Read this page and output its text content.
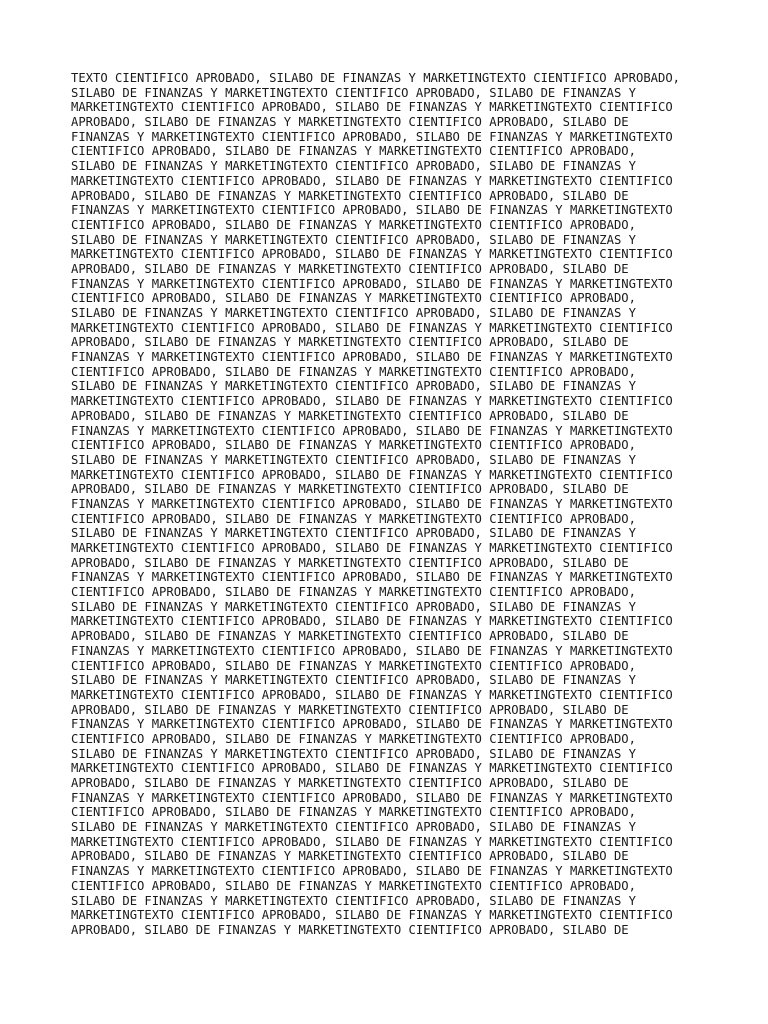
TEXTO CIENTIFICO APROBADO, SILABO DE FINANZAS Y MARKETINGTEXTO CIENTIFICO APROBADO,
SILABO DE FINANZAS Y MARKETINGTEXTO CIENTIFICO APROBADO, SILABO DE FINANZAS Y
MARKETINGTEXTO CIENTIFICO APROBADO, SILABO DE FINANZAS Y MARKETINGTEXTO CIENTIFICO
APROBADO, SILABO DE FINANZAS Y MARKETINGTEXTO CIENTIFICO APROBADO, SILABO DE
FINANZAS Y MARKETINGTEXTO CIENTIFICO APROBADO, SILABO DE FINANZAS Y MARKETINGTEXTO
CIENTIFICO APROBADO, SILABO DE FINANZAS Y MARKETINGTEXTO CIENTIFICO APROBADO,
SILABO DE FINANZAS Y MARKETINGTEXTO CIENTIFICO APROBADO, SILABO DE FINANZAS Y
MARKETINGTEXTO CIENTIFICO APROBADO, SILABO DE FINANZAS Y MARKETINGTEXTO CIENTIFICO
APROBADO, SILABO DE FINANZAS Y MARKETINGTEXTO CIENTIFICO APROBADO, SILABO DE
FINANZAS Y MARKETINGTEXTO CIENTIFICO APROBADO, SILABO DE FINANZAS Y MARKETINGTEXTO
CIENTIFICO APROBADO, SILABO DE FINANZAS Y MARKETINGTEXTO CIENTIFICO APROBADO,
SILABO DE FINANZAS Y MARKETINGTEXTO CIENTIFICO APROBADO, SILABO DE FINANZAS Y
MARKETINGTEXTO CIENTIFICO APROBADO, SILABO DE FINANZAS Y MARKETINGTEXTO CIENTIFICO
APROBADO, SILABO DE FINANZAS Y MARKETINGTEXTO CIENTIFICO APROBADO, SILABO DE
FINANZAS Y MARKETINGTEXTO CIENTIFICO APROBADO, SILABO DE FINANZAS Y MARKETINGTEXTO
CIENTIFICO APROBADO, SILABO DE FINANZAS Y MARKETINGTEXTO CIENTIFICO APROBADO,
SILABO DE FINANZAS Y MARKETINGTEXTO CIENTIFICO APROBADO, SILABO DE FINANZAS Y
MARKETINGTEXTO CIENTIFICO APROBADO, SILABO DE FINANZAS Y MARKETINGTEXTO CIENTIFICO
APROBADO, SILABO DE FINANZAS Y MARKETINGTEXTO CIENTIFICO APROBADO, SILABO DE
FINANZAS Y MARKETINGTEXTO CIENTIFICO APROBADO, SILABO DE FINANZAS Y MARKETINGTEXTO
CIENTIFICO APROBADO, SILABO DE FINANZAS Y MARKETINGTEXTO CIENTIFICO APROBADO,
SILABO DE FINANZAS Y MARKETINGTEXTO CIENTIFICO APROBADO, SILABO DE FINANZAS Y
MARKETINGTEXTO CIENTIFICO APROBADO, SILABO DE FINANZAS Y MARKETINGTEXTO CIENTIFICO
APROBADO, SILABO DE FINANZAS Y MARKETINGTEXTO CIENTIFICO APROBADO, SILABO DE
FINANZAS Y MARKETINGTEXTO CIENTIFICO APROBADO, SILABO DE FINANZAS Y MARKETINGTEXTO
CIENTIFICO APROBADO, SILABO DE FINANZAS Y MARKETINGTEXTO CIENTIFICO APROBADO,
SILABO DE FINANZAS Y MARKETINGTEXTO CIENTIFICO APROBADO, SILABO DE FINANZAS Y
MARKETINGTEXTO CIENTIFICO APROBADO, SILABO DE FINANZAS Y MARKETINGTEXTO CIENTIFICO
APROBADO, SILABO DE FINANZAS Y MARKETINGTEXTO CIENTIFICO APROBADO, SILABO DE
FINANZAS Y MARKETINGTEXTO CIENTIFICO APROBADO, SILABO DE FINANZAS Y MARKETINGTEXTO
CIENTIFICO APROBADO, SILABO DE FINANZAS Y MARKETINGTEXTO CIENTIFICO APROBADO,
SILABO DE FINANZAS Y MARKETINGTEXTO CIENTIFICO APROBADO, SILABO DE FINANZAS Y
MARKETINGTEXTO CIENTIFICO APROBADO, SILABO DE FINANZAS Y MARKETINGTEXTO CIENTIFICO
APROBADO, SILABO DE FINANZAS Y MARKETINGTEXTO CIENTIFICO APROBADO, SILABO DE
FINANZAS Y MARKETINGTEXTO CIENTIFICO APROBADO, SILABO DE FINANZAS Y MARKETINGTEXTO
CIENTIFICO APROBADO, SILABO DE FINANZAS Y MARKETINGTEXTO CIENTIFICO APROBADO,
SILABO DE FINANZAS Y MARKETINGTEXTO CIENTIFICO APROBADO, SILABO DE FINANZAS Y
MARKETINGTEXTO CIENTIFICO APROBADO, SILABO DE FINANZAS Y MARKETINGTEXTO CIENTIFICO
APROBADO, SILABO DE FINANZAS Y MARKETINGTEXTO CIENTIFICO APROBADO, SILABO DE
FINANZAS Y MARKETINGTEXTO CIENTIFICO APROBADO, SILABO DE FINANZAS Y MARKETINGTEXTO
CIENTIFICO APROBADO, SILABO DE FINANZAS Y MARKETINGTEXTO CIENTIFICO APROBADO,
SILABO DE FINANZAS Y MARKETINGTEXTO CIENTIFICO APROBADO, SILABO DE FINANZAS Y
MARKETINGTEXTO CIENTIFICO APROBADO, SILABO DE FINANZAS Y MARKETINGTEXTO CIENTIFICO
APROBADO, SILABO DE FINANZAS Y MARKETINGTEXTO CIENTIFICO APROBADO, SILABO DE
FINANZAS Y MARKETINGTEXTO CIENTIFICO APROBADO, SILABO DE FINANZAS Y MARKETINGTEXTO
CIENTIFICO APROBADO, SILABO DE FINANZAS Y MARKETINGTEXTO CIENTIFICO APROBADO,
SILABO DE FINANZAS Y MARKETINGTEXTO CIENTIFICO APROBADO, SILABO DE FINANZAS Y
MARKETINGTEXTO CIENTIFICO APROBADO, SILABO DE FINANZAS Y MARKETINGTEXTO CIENTIFICO
APROBADO, SILABO DE FINANZAS Y MARKETINGTEXTO CIENTIFICO APROBADO, SILABO DE
FINANZAS Y MARKETINGTEXTO CIENTIFICO APROBADO, SILABO DE FINANZAS Y MARKETINGTEXTO
CIENTIFICO APROBADO, SILABO DE FINANZAS Y MARKETINGTEXTO CIENTIFICO APROBADO,
SILABO DE FINANZAS Y MARKETINGTEXTO CIENTIFICO APROBADO, SILABO DE FINANZAS Y
MARKETINGTEXTO CIENTIFICO APROBADO, SILABO DE FINANZAS Y MARKETINGTEXTO CIENTIFICO
APROBADO, SILABO DE FINANZAS Y MARKETINGTEXTO CIENTIFICO APROBADO, SILABO DE
FINANZAS Y MARKETINGTEXTO CIENTIFICO APROBADO, SILABO DE FINANZAS Y MARKETINGTEXTO
CIENTIFICO APROBADO, SILABO DE FINANZAS Y MARKETINGTEXTO CIENTIFICO APROBADO,
SILABO DE FINANZAS Y MARKETINGTEXTO CIENTIFICO APROBADO, SILABO DE FINANZAS Y
MARKETINGTEXTO CIENTIFICO APROBADO, SILABO DE FINANZAS Y MARKETINGTEXTO CIENTIFICO
APROBADO, SILABO DE FINANZAS Y MARKETINGTEXTO CIENTIFICO APROBADO, SILABO DE
